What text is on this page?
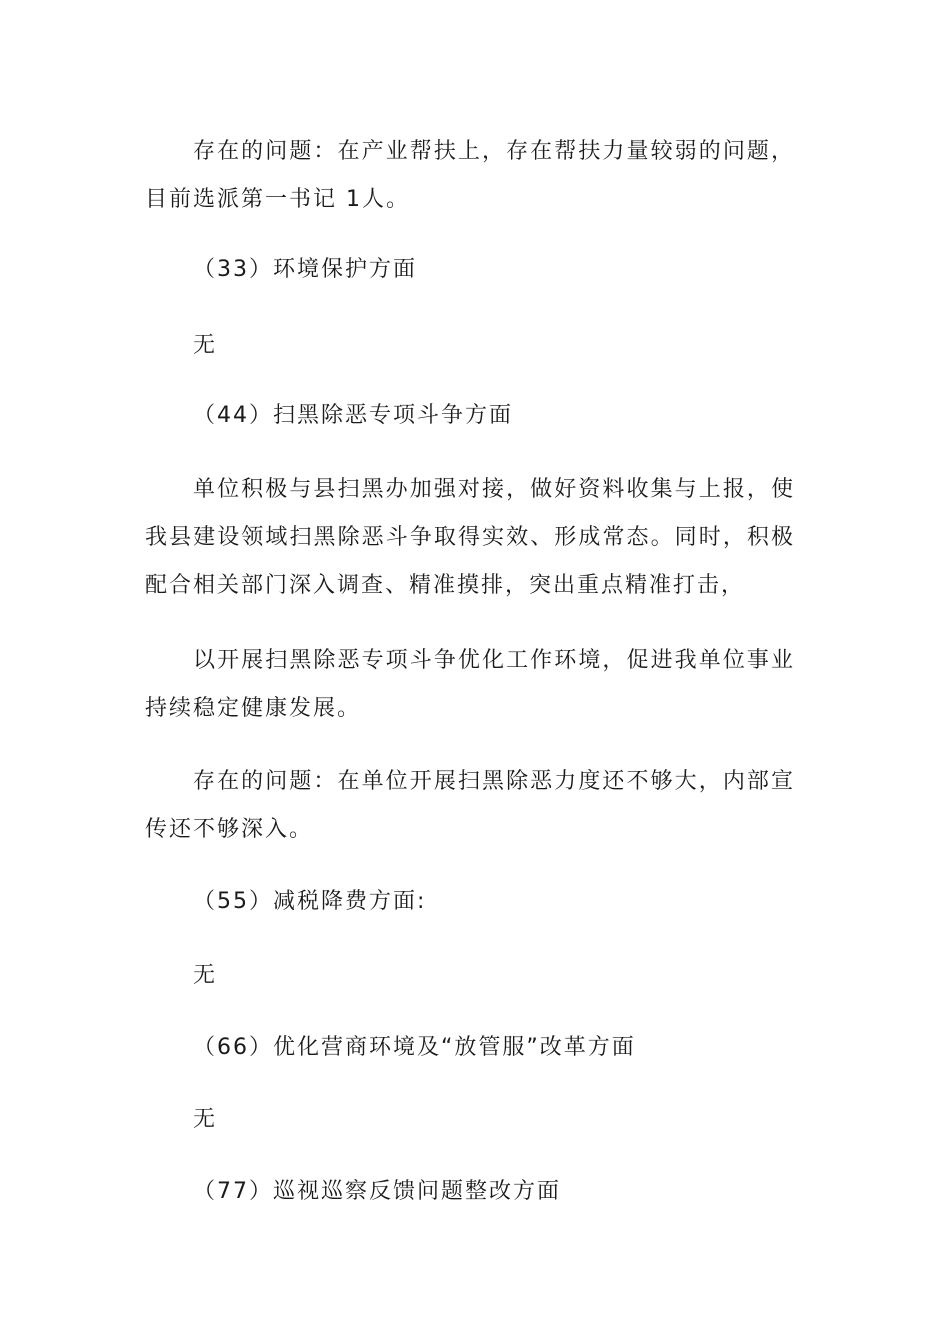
存在的问题：在产业帮扶上，存在帮扶力量较弱的问题，目前选派第一书记 1人。
（33）环境保护方面
无
（44）扫黑除恶专项斗争方面
单位积极与县扫黑办加强对接，做好资料收集与上报，使我县建设领域扫黑除恶斗争取得实效、形成常态。同时，积极配合相关部门深入调查、精准摸排，突出重点精准打击，
以开展扫黑除恶专项斗争优化工作环境，促进我单位事业持续稳定健康发展。
存在的问题：在单位开展扫黑除恶力度还不够大，内部宣传还不够深入。
（55）减税降费方面:
无
（66）优化营商环境及“放管服”改革方面
无
（77）巡视巡察反馈问题整改方面
